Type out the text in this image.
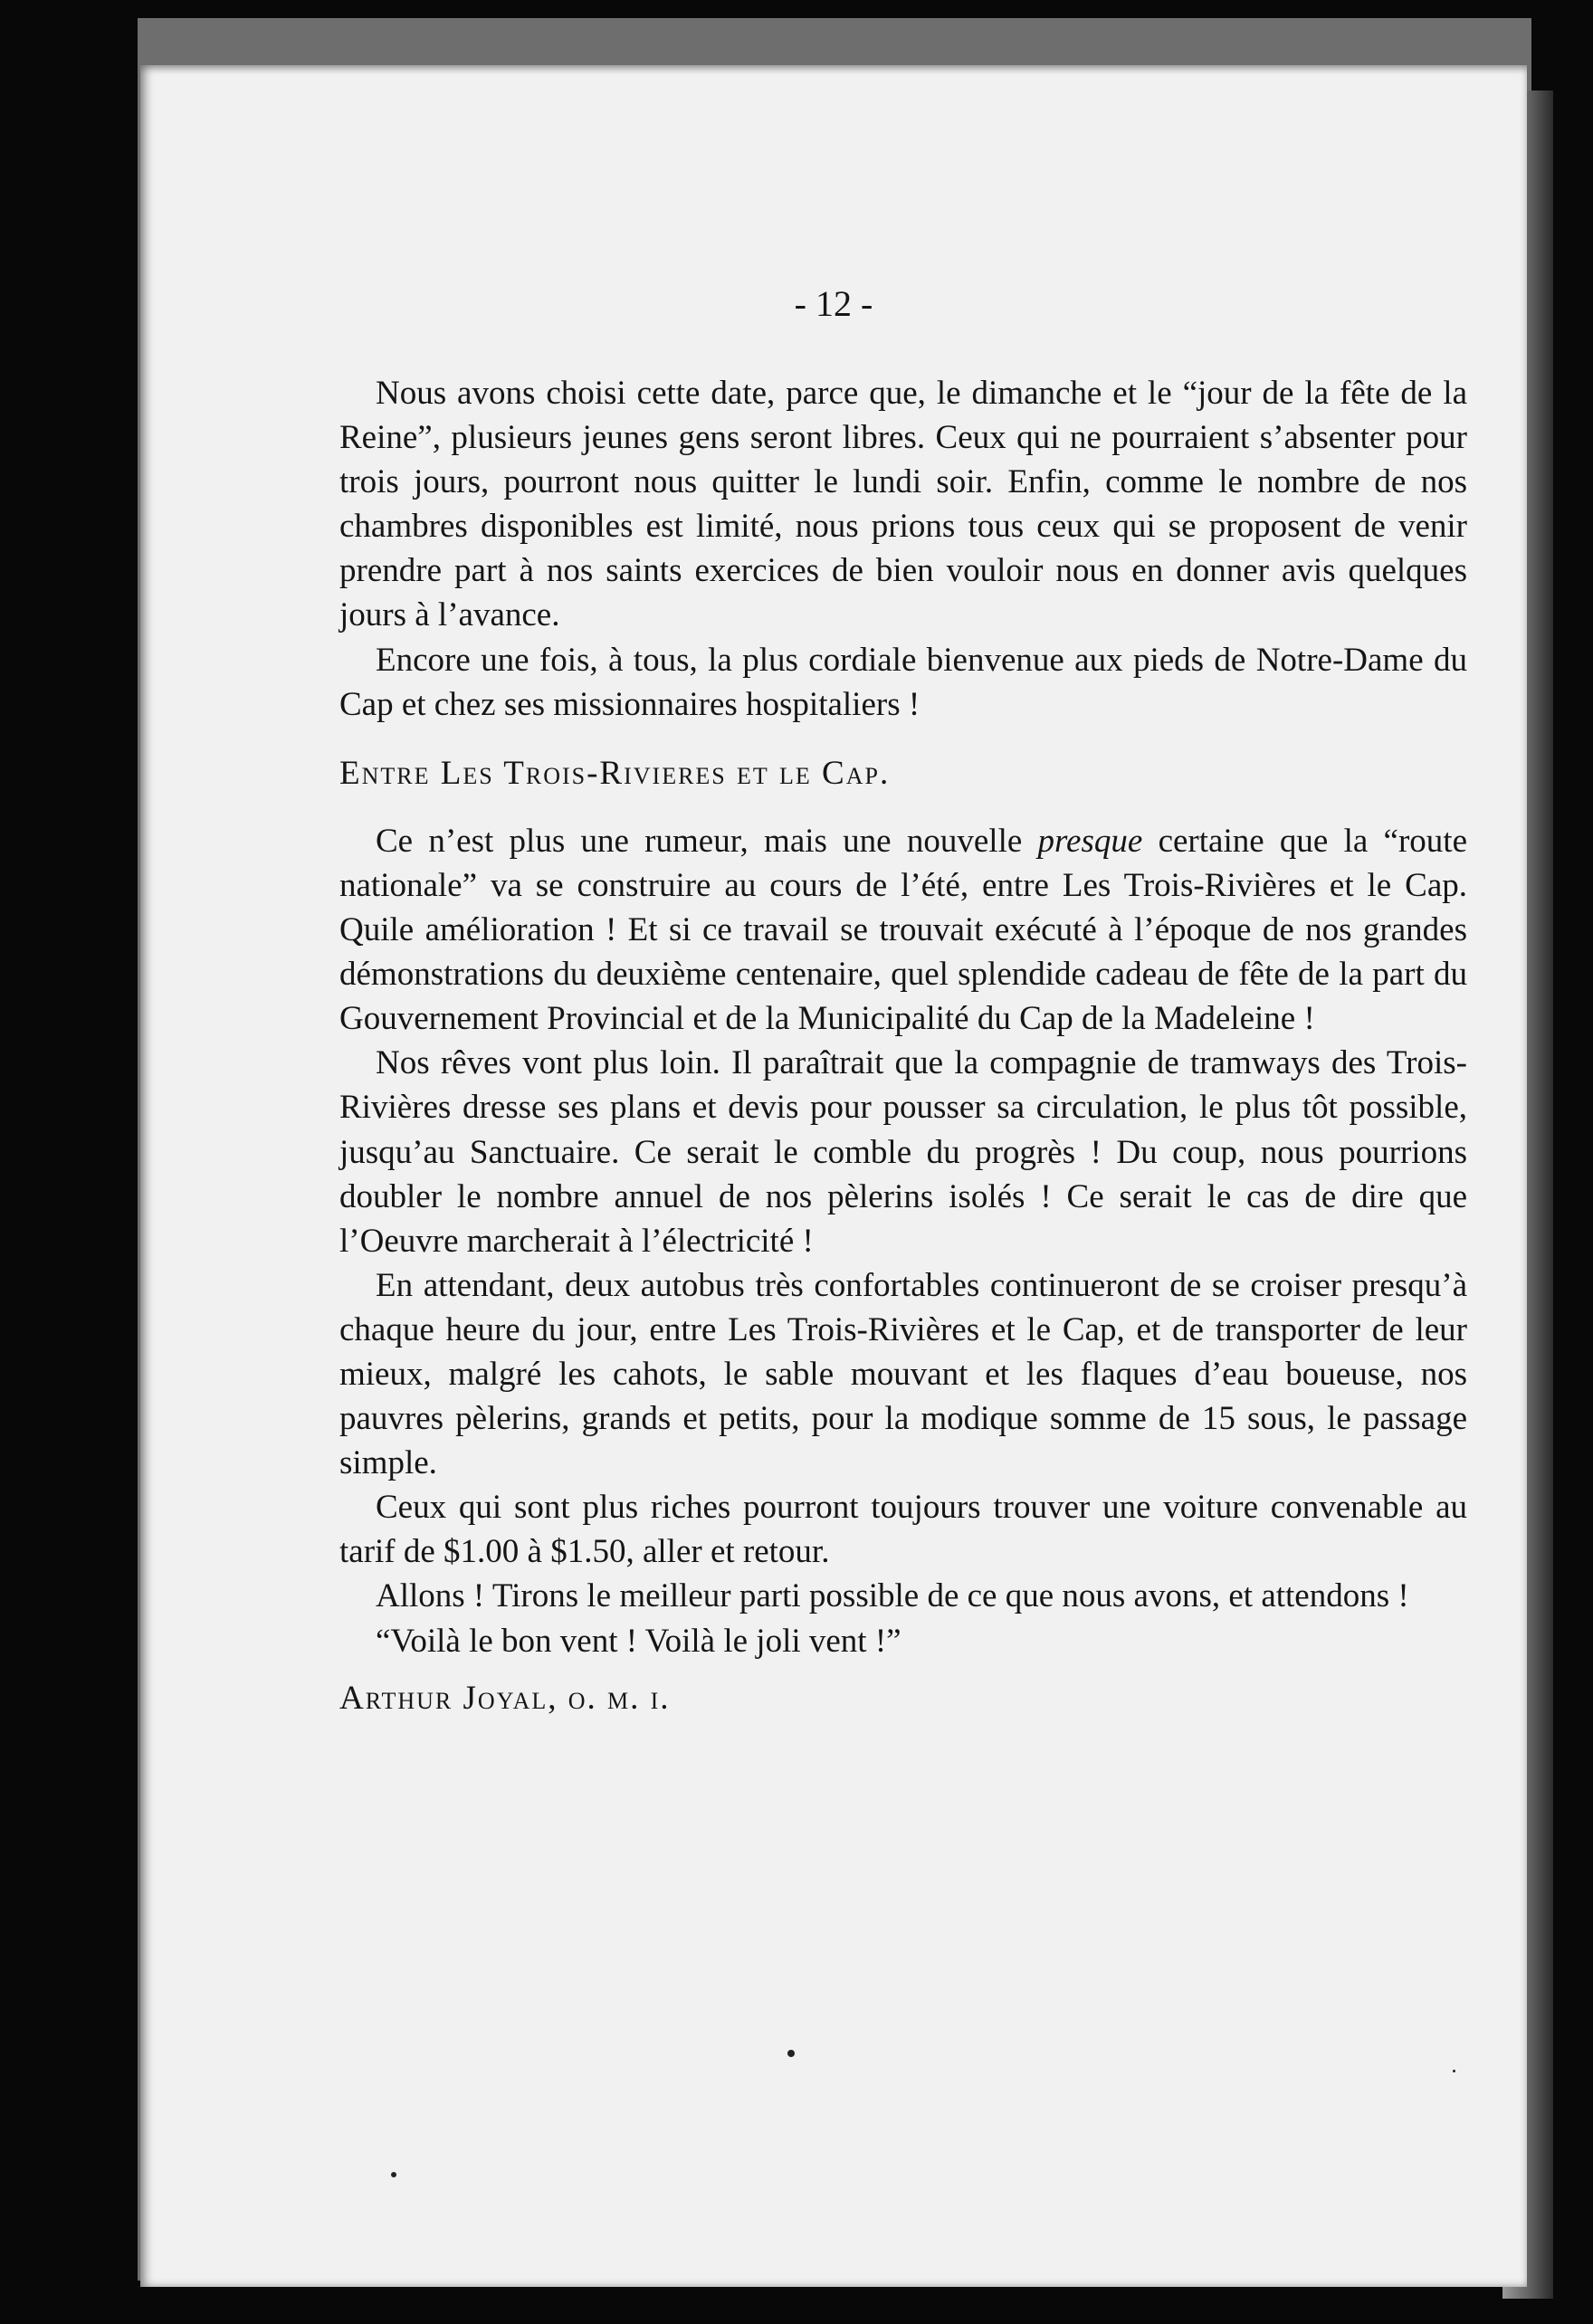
- 12 -

Nous avons choisi cette date, parce que, le dimanche et le “jour de la fête de la Reine”, plusieurs jeunes gens seront libres. Ceux qui ne pourraient s’absenter pour trois jours, pourront nous quitter le lundi soir. Enfin, comme le nombre de nos chambres disponibles est limité, nous prions tous ceux qui se proposent de venir prendre part à nos saints exercices de bien vouloir nous en donner avis quelques jours à l’avance.

Encore une fois, à tous, la plus cordiale bienvenue aux pieds de Notre-Dame du Cap et chez ses missionnaires hospitaliers !

Entre Les Trois-Rivieres et le Cap.

Ce n’est plus une rumeur, mais une nouvelle presque certaine que la “route nationale” va se construire au cours de l’été, entre Les Trois-Rivières et le Cap. Quile amélioration ! Et si ce travail se trouvait exécuté à l’époque de nos grandes démonstrations du deuxième centenaire, quel splendide cadeau de fête de la part du Gouvernement Provincial et de la Municipalité du Cap de la Madeleine !

Nos rêves vont plus loin. Il paraîtrait que la compagnie de tramways des Trois-Rivières dresse ses plans et devis pour pousser sa circulation, le plus tôt possible, jusqu’au Sanctuaire. Ce serait le comble du progrès ! Du coup, nous pourrions doubler le nombre annuel de nos pèlerins isolés ! Ce serait le cas de dire que l’Oeuvre marcherait à l’électricité !

En attendant, deux autobus très confortables continueront de se croiser presqu’à chaque heure du jour, entre Les Trois-Rivières et le Cap, et de transporter de leur mieux, malgré les cahots, le sable mouvant et les flaques d’eau boueuse, nos pauvres pèlerins, grands et petits, pour la modique somme de 15 sous, le passage simple.

Ceux qui sont plus riches pourront toujours trouver une voiture convenable au tarif de $1.00 à $1.50, aller et retour.

Allons ! Tirons le meilleur parti possible de ce que nous avons, et attendons !

“Voilà le bon vent ! Voilà le joli vent !”

Arthur Joyal, o. m. i.
